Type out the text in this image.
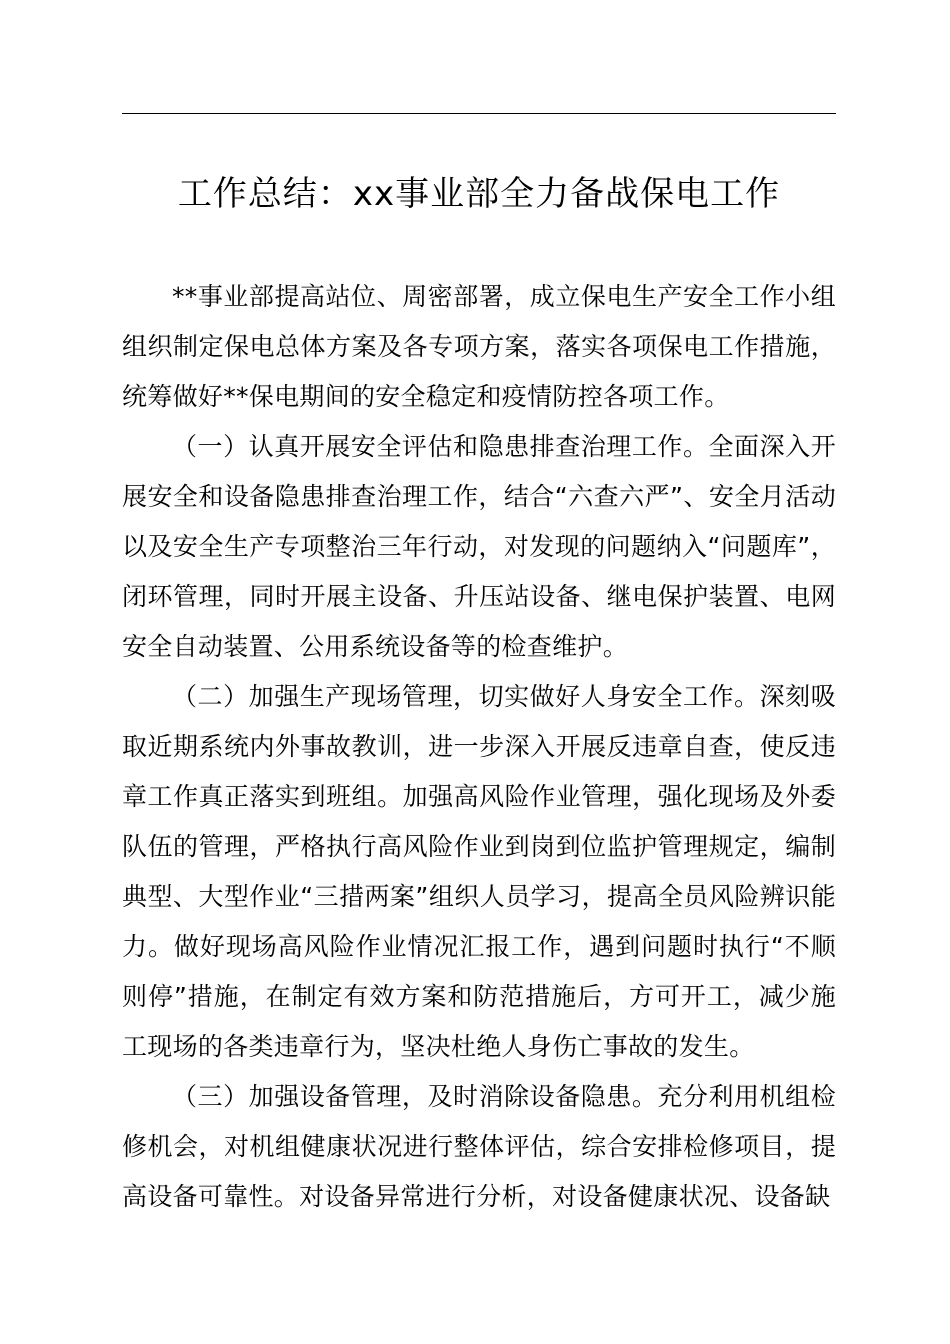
工作总结：xx事业部全力备战保电工作

**事业部提高站位、周密部署，成立保电生产安全工作小组组织制定保电总体方案及各专项方案，落实各项保电工作措施，统筹做好**保电期间的安全稳定和疫情防控各项工作。

（一）认真开展安全评估和隐患排查治理工作。全面深入开展安全和设备隐患排查治理工作，结合“六查六严”、安全月活动以及安全生产专项整治三年行动，对发现的问题纳入“问题库”，闭环管理，同时开展主设备、升压站设备、继电保护装置、电网安全自动装置、公用系统设备等的检查维护。

（二）加强生产现场管理，切实做好人身安全工作。深刻吸取近期系统内外事故教训，进一步深入开展反违章自查，使反违章工作真正落实到班组。加强高风险作业管理，强化现场及外委队伍的管理，严格执行高风险作业到岗到位监护管理规定，编制典型、大型作业“三措两案”组织人员学习，提高全员风险辨识能力。做好现场高风险作业情况汇报工作，遇到问题时执行“不顺则停”措施，在制定有效方案和防范措施后，方可开工，减少施工现场的各类违章行为，坚决杜绝人身伤亡事故的发生。

（三）加强设备管理，及时消除设备隐患。充分利用机组检修机会，对机组健康状况进行整体评估，综合安排检修项目，提高设备可靠性。对设备异常进行分析，对设备健康状况、设备缺
